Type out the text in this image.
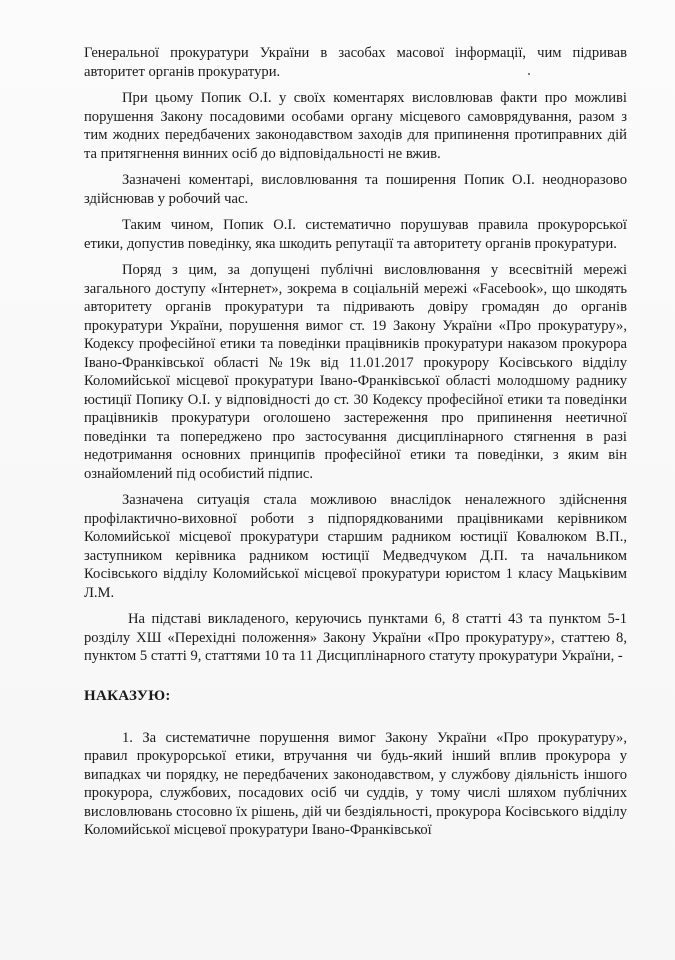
Генеральної прокуратури України в засобах масової інформації, чим підривав авторитет органів прокуратури.

При цьому Попик О.І. у своїх коментарях висловлював факти про можливі порушення Закону посадовими особами органу місцевого самоврядування, разом з тим жодних передбачених законодавством заходів для припинення протиправних дій та притягнення винних осіб до відповідальності не вжив.

Зазначені коментарі, висловлювання та поширення Попик О.І. неодноразово здійснював у робочий час.

Таким чином, Попик О.І. систематично порушував правила прокурорської етики, допустив поведінку, яка шкодить репутації та авторитету органів прокуратури.

Поряд з цим, за допущені публічні висловлювання у всесвітній мережі загального доступу «Інтернет», зокрема в соціальній мережі «Facebook», що шкодять авторитету органів прокуратури та підривають довіру громадян до органів прокуратури України, порушення вимог ст. 19 Закону України «Про прокуратуру», Кодексу професійної етики та поведінки працівників прокуратури наказом прокурора Івано-Франківської області №19к від 11.01.2017 прокурору Косівського відділу Коломийської місцевої прокуратури Івано-Франківської області молодшому раднику юстиції Попику О.І. у відповідності до ст. 30 Кодексу професійної етики та поведінки працівників прокуратури оголошено застереження про припинення неетичної поведінки та попереджено про застосування дисциплінарного стягнення в разі недотримання основних принципів професійної етики та поведінки, з яким він ознайомлений під особистий підпис.

Зазначена ситуація стала можливою внаслідок неналежного здійснення профілактично-виховної роботи з підпорядкованими працівниками керівником Коломийської місцевої прокуратури старшим радником юстиції Ковалюком В.П., заступником керівника радником юстиції Медведчуком Д.П. та начальником Косівського відділу Коломийської місцевої прокуратури юристом 1 класу Мацьківим Л.М.

На підставі викладеного, керуючись пунктами 6, 8 статті 43 та пунктом 5-1 розділу ХШ «Перехідні положення» Закону України «Про прокуратуру», статтею 8, пунктом 5 статті 9, статтями 10 та 11 Дисциплінарного статуту прокуратури України, -

НАКАЗУЮ:

1. За систематичне порушення вимог Закону України «Про прокуратуру», правил прокурорської етики, втручання чи будь-який інший вплив прокурора у випадках чи порядку, не передбачених законодавством, у службову діяльність іншого прокурора, службових, посадових осіб чи суддів, у тому числі шляхом публічних висловлювань стосовно їх рішень, дій чи бездіяльності, прокурора Косівського відділу Коломийської місцевої прокуратури Івано-Франківської
